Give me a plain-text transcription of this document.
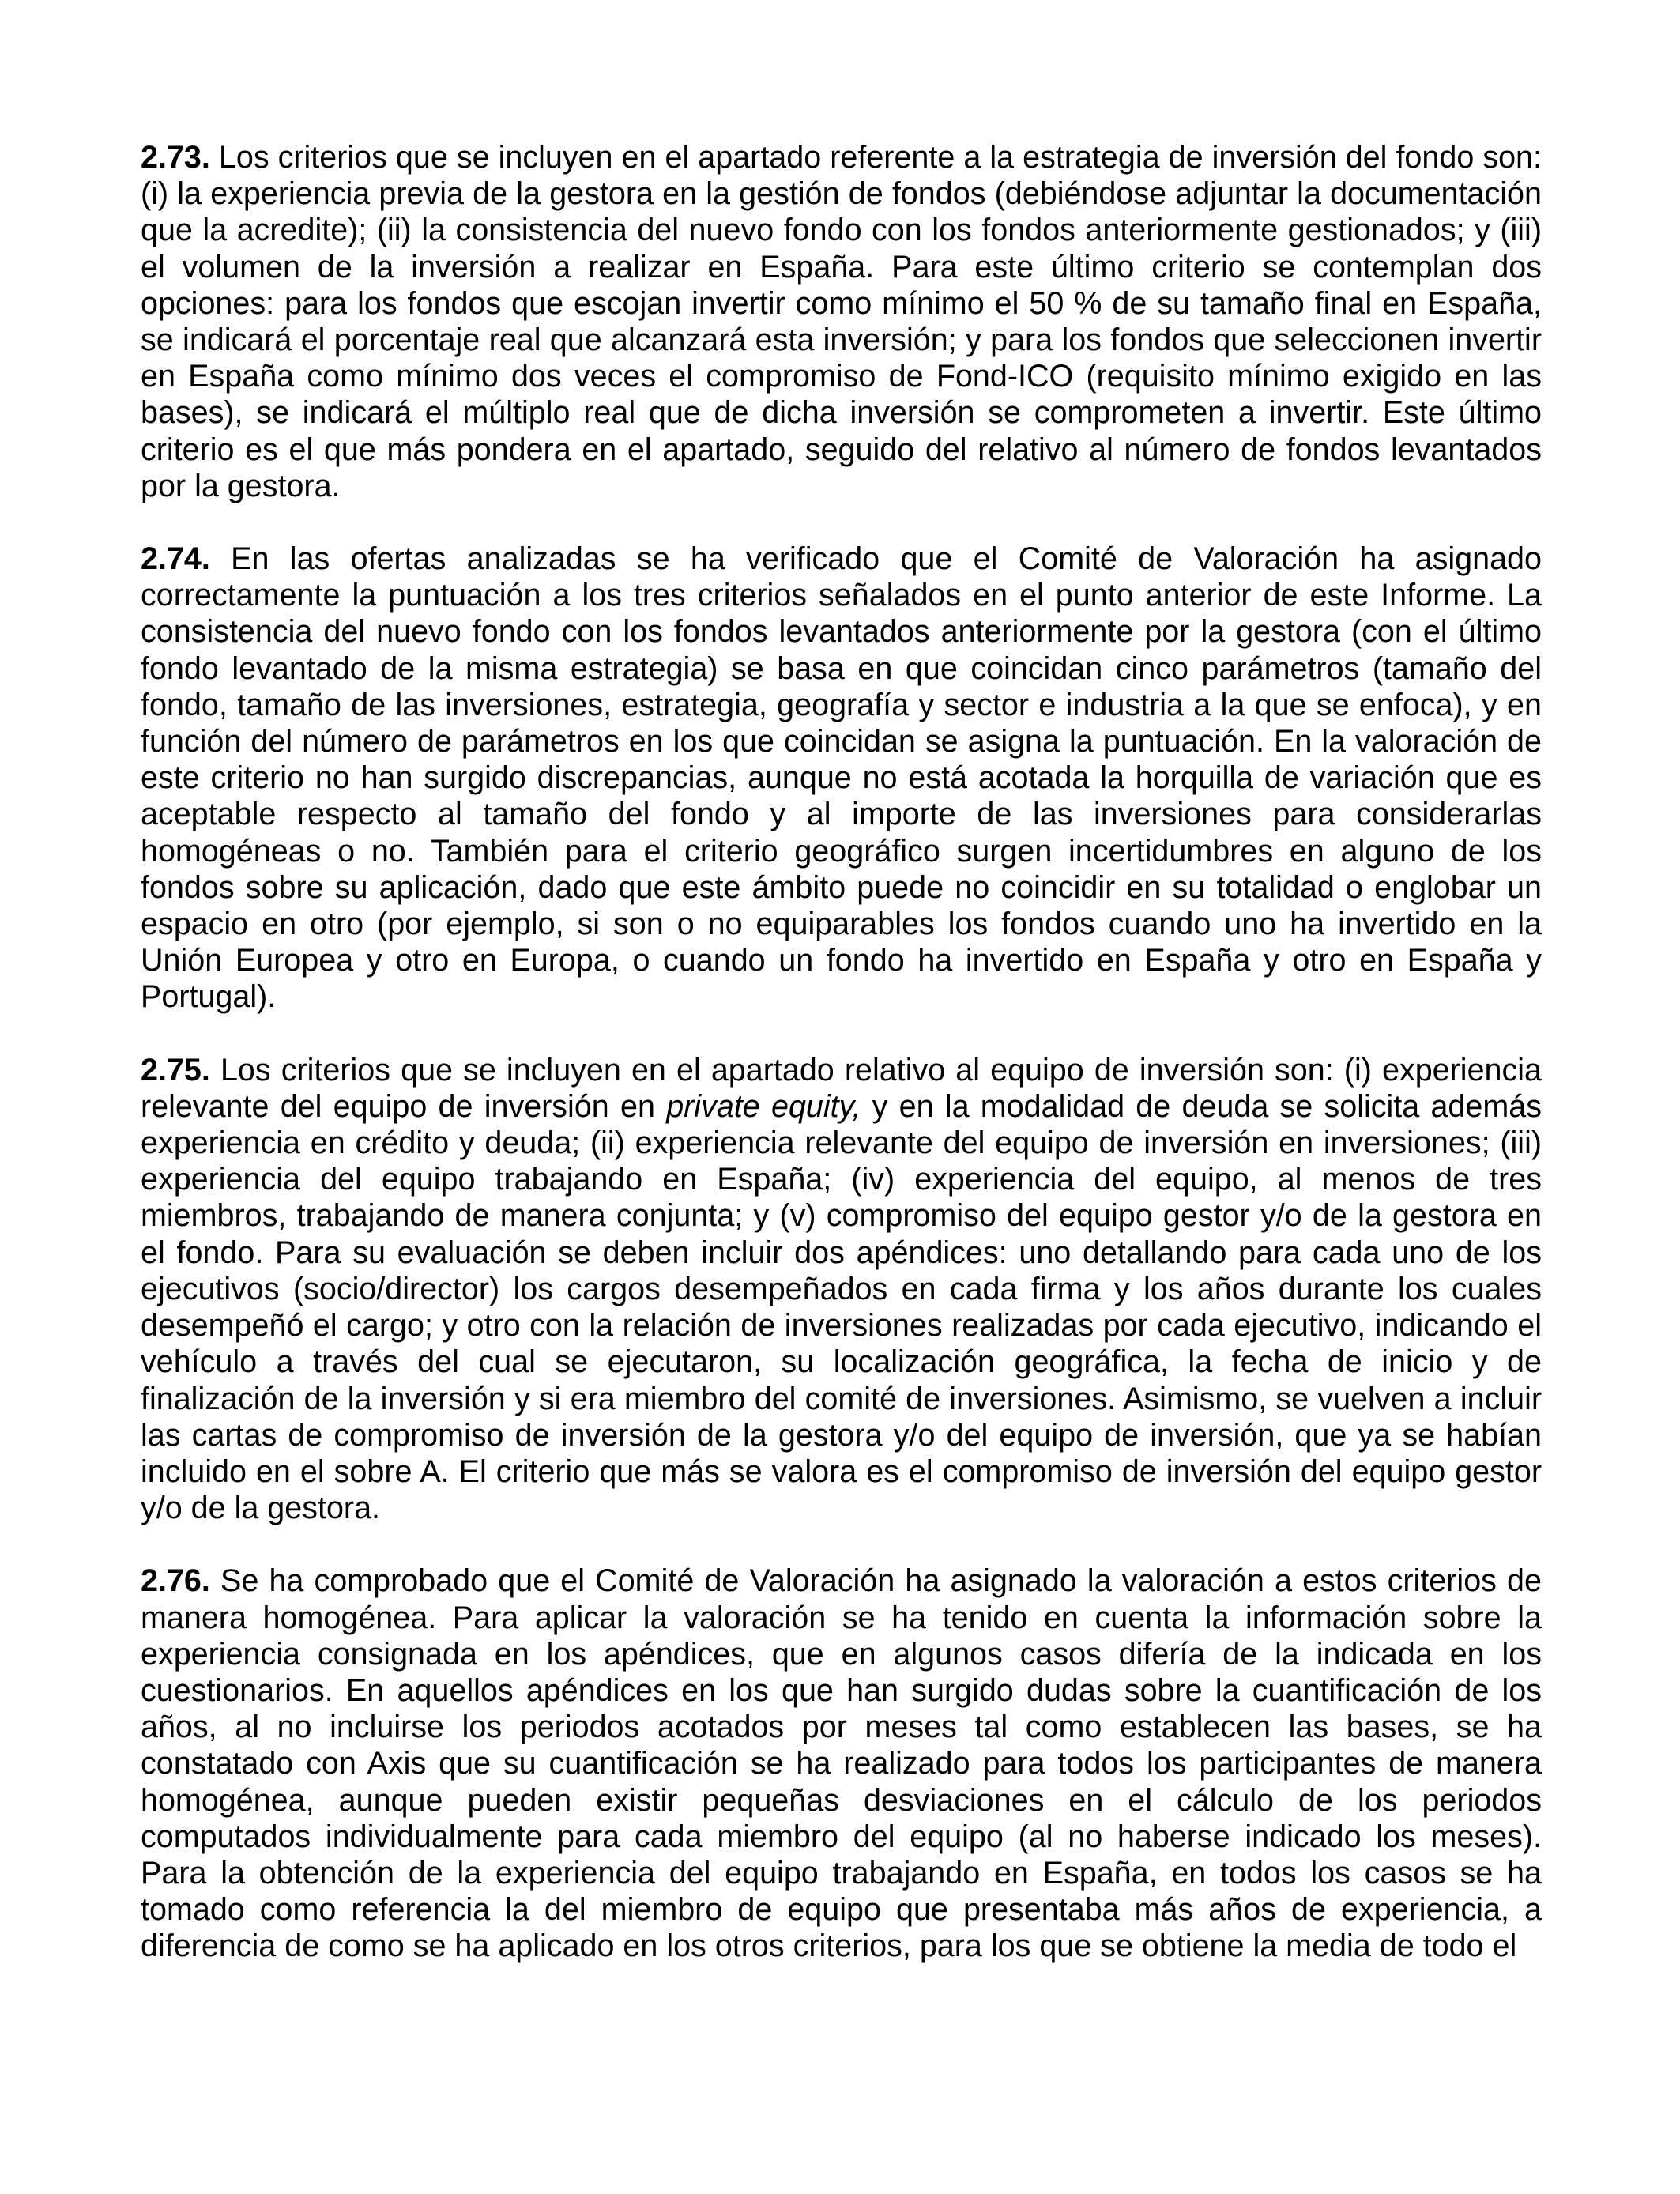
2.73. Los criterios que se incluyen en el apartado referente a la estrategia de inversión del fondo son: (i) la experiencia previa de la gestora en la gestión de fondos (debiéndose adjuntar la documentación que la acredite); (ii) la consistencia del nuevo fondo con los fondos anteriormente gestionados; y (iii) el volumen de la inversión a realizar en España. Para este último criterio se contemplan dos opciones: para los fondos que escojan invertir como mínimo el 50 % de su tamaño final en España, se indicará el porcentaje real que alcanzará esta inversión; y para los fondos que seleccionen invertir en España como mínimo dos veces el compromiso de Fond-ICO (requisito mínimo exigido en las bases), se indicará el múltiplo real que de dicha inversión se comprometen a invertir. Este último criterio es el que más pondera en el apartado, seguido del relativo al número de fondos levantados por la gestora.

2.74. En las ofertas analizadas se ha verificado que el Comité de Valoración ha asignado correctamente la puntuación a los tres criterios señalados en el punto anterior de este Informe. La consistencia del nuevo fondo con los fondos levantados anteriormente por la gestora (con el último fondo levantado de la misma estrategia) se basa en que coincidan cinco parámetros (tamaño del fondo, tamaño de las inversiones, estrategia, geografía y sector e industria a la que se enfoca), y en función del número de parámetros en los que coincidan se asigna la puntuación. En la valoración de este criterio no han surgido discrepancias, aunque no está acotada la horquilla de variación que es aceptable respecto al tamaño del fondo y al importe de las inversiones para considerarlas homogéneas o no. También para el criterio geográfico surgen incertidumbres en alguno de los fondos sobre su aplicación, dado que este ámbito puede no coincidir en su totalidad o englobar un espacio en otro (por ejemplo, si son o no equiparables los fondos cuando uno ha invertido en la Unión Europea y otro en Europa, o cuando un fondo ha invertido en España y otro en España y Portugal).

2.75. Los criterios que se incluyen en el apartado relativo al equipo de inversión son: (i) experiencia relevante del equipo de inversión en private equity, y en la modalidad de deuda se solicita además experiencia en crédito y deuda; (ii) experiencia relevante del equipo de inversión en inversiones; (iii) experiencia del equipo trabajando en España; (iv) experiencia del equipo, al menos de tres miembros, trabajando de manera conjunta; y (v) compromiso del equipo gestor y/o de la gestora en el fondo. Para su evaluación se deben incluir dos apéndices: uno detallando para cada uno de los ejecutivos (socio/director) los cargos desempeñados en cada firma y los años durante los cuales desempeñó el cargo; y otro con la relación de inversiones realizadas por cada ejecutivo, indicando el vehículo a través del cual se ejecutaron, su localización geográfica, la fecha de inicio y de finalización de la inversión y si era miembro del comité de inversiones. Asimismo, se vuelven a incluir las cartas de compromiso de inversión de la gestora y/o del equipo de inversión, que ya se habían incluido en el sobre A. El criterio que más se valora es el compromiso de inversión del equipo gestor y/o de la gestora.

2.76. Se ha comprobado que el Comité de Valoración ha asignado la valoración a estos criterios de manera homogénea. Para aplicar la valoración se ha tenido en cuenta la información sobre la experiencia consignada en los apéndices, que en algunos casos difería de la indicada en los cuestionarios. En aquellos apéndices en los que han surgido dudas sobre la cuantificación de los años, al no incluirse los periodos acotados por meses tal como establecen las bases, se ha constatado con Axis que su cuantificación se ha realizado para todos los participantes de manera homogénea, aunque pueden existir pequeñas desviaciones en el cálculo de los periodos computados individualmente para cada miembro del equipo (al no haberse indicado los meses). Para la obtención de la experiencia del equipo trabajando en España, en todos los casos se ha tomado como referencia la del miembro de equipo que presentaba más años de experiencia, a diferencia de como se ha aplicado en los otros criterios, para los que se obtiene la media de todo el
